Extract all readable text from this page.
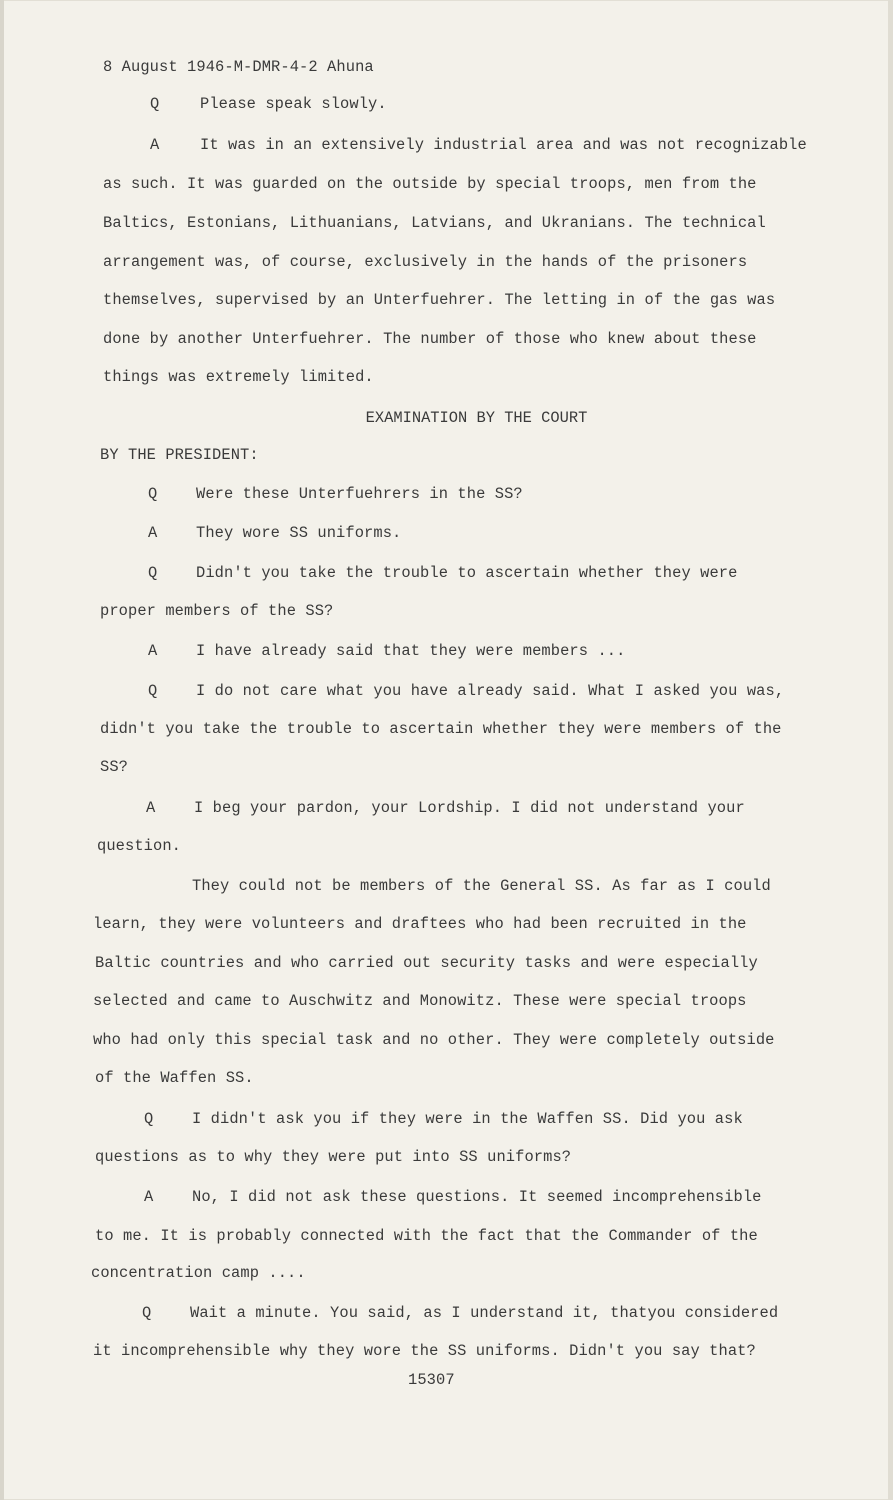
8 August 1946-M-DMR-4-2 Ahuna
Q	Please speak slowly.
A	It was in an extensively industrial area and was not recognizable
as such. It was guarded on the outside by special troops, men from the
Baltics, Estonians, Lithuanians, Latvians, and Ukranians. The technical
arrangement was, of course, exclusively in the hands of the prisoners
themselves, supervised by an Unterfuehrer. The letting in of the gas was
done by another Unterfuehrer. The number of those who knew about these
things was extremely limited.
EXAMINATION BY THE COURT
BY THE PRESIDENT:
Q	Were these Unterfuehrers in the SS?
A	They wore SS uniforms.
Q	Didn't you take the trouble to ascertain whether they were
proper members of the SS?
A	I have already said that they were members ...
Q	I do not care what you have already said. What I asked you was,
didn't you take the trouble to ascertain whether they were members of the
SS?
A	I beg your pardon, your Lordship. I did not understand your
question.
They could not be members of the General SS. As far as I could
learn, they were volunteers and draftees who had been recruited in the
Baltic countries and who carried out security tasks and were especially
selected and came to Auschwitz and Monowitz. These were special troops
who had only this special task and no other. They were completely outside
of the Waffen SS.
Q	I didn't ask you if they were in the Waffen SS. Did you ask
questions as to why they were put into SS uniforms?
A	No, I did not ask these questions. It seemed incomprehensible
to me. It is probably connected with the fact that the Commander of the
concentration camp ....
Q	Wait a minute. You said, as I understand it, thatyou considered
it incomprehensible why they wore the SS uniforms. Didn't you say that?
15307
